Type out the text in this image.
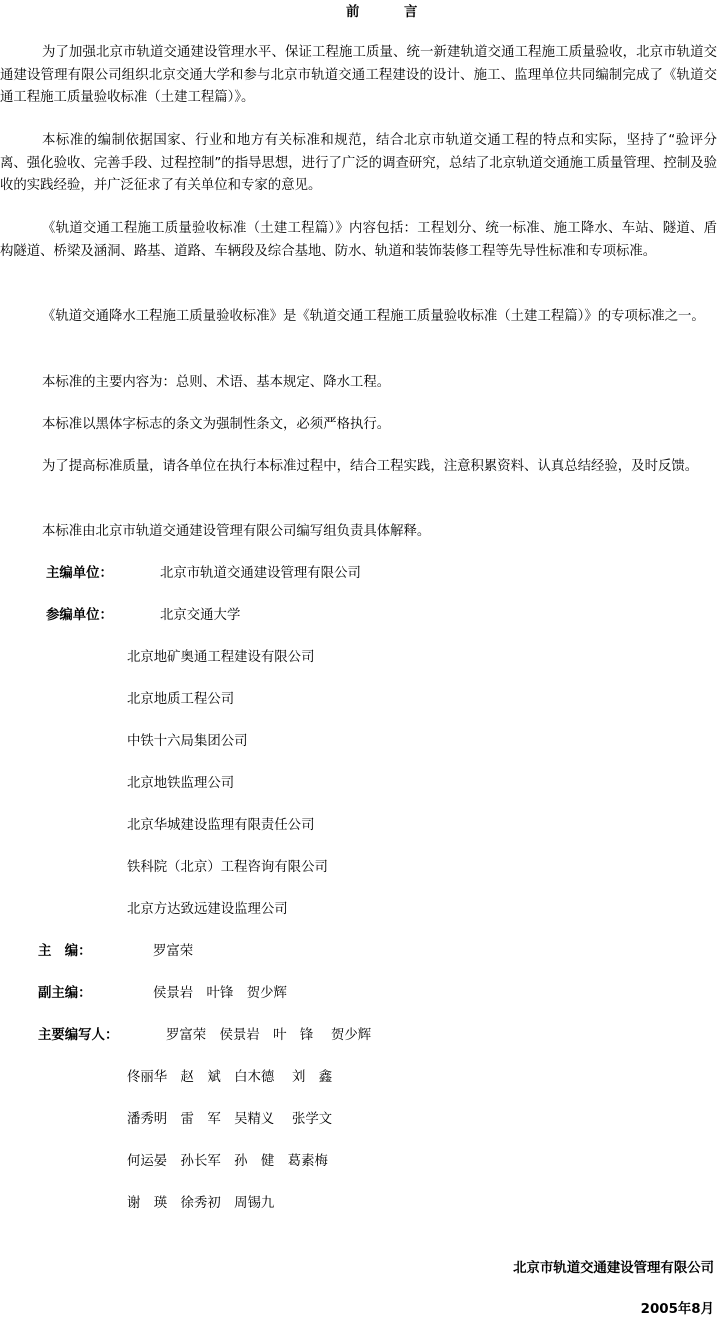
前 言
为了加强北京市轨道交通建设管理水平、保证工程施工质量、统一新建轨道交通工程施工质量验收，北京市轨道交通建设管理有限公司组织北京交通大学和参与北京市轨道交通工程建设的设计、施工、监理单位共同编制完成了《轨道交通工程施工质量验收标准（土建工程篇）》。
本标准的编制依据国家、行业和地方有关标准和规范，结合北京市轨道交通工程的特点和实际，坚持了“验评分离、强化验收、完善手段、过程控制”的指导思想，进行了广泛的调查研究，总结了北京轨道交通施工质量管理、控制及验收的实践经验，并广泛征求了有关单位和专家的意见。
《轨道交通工程施工质量验收标准（土建工程篇）》内容包括：工程划分、统一标准、施工降水、车站、隧道、盾构隧道、桥梁及涵洞、路基、道路、车辆段及综合基地、防水、轨道和装饰装修工程等先导性标准和专项标准。
《轨道交通降水工程施工质量验收标准》是《轨道交通工程施工质量验收标准（土建工程篇）》的专项标准之一。
本标准的主要内容为：总则、术语、基本规定、降水工程。
本标准以黑体字标志的条文为强制性条文，必须严格执行。
为了提高标准质量，请各单位在执行本标准过程中，结合工程实践，注意积累资料、认真总结经验，及时反馈。
本标准由北京市轨道交通建设管理有限公司编写组负责具体解释。
主编单位：	北京市轨道交通建设管理有限公司
参编单位：	北京交通大学
北京地矿奥通工程建设有限公司
北京地质工程公司
中铁十六局集团公司
北京地铁监理公司
北京华城建设监理有限责任公司
铁科院（北京）工程咨询有限公司
北京方达致远建设监理公司
主　编：	罗富荣
副主编：	侯景岩　叶锋　贺少辉
主要编写人：	罗富荣　侯景岩　叶　锋　 贺少辉
佟丽华　赵　斌　白木德　 刘　鑫
潘秀明　雷　军　吴精义　 张学文
何运晏　孙长军　孙　健　葛素梅
谢　瑛　徐秀初　周锡九
北京市轨道交通建设管理有限公司
2005年8月
